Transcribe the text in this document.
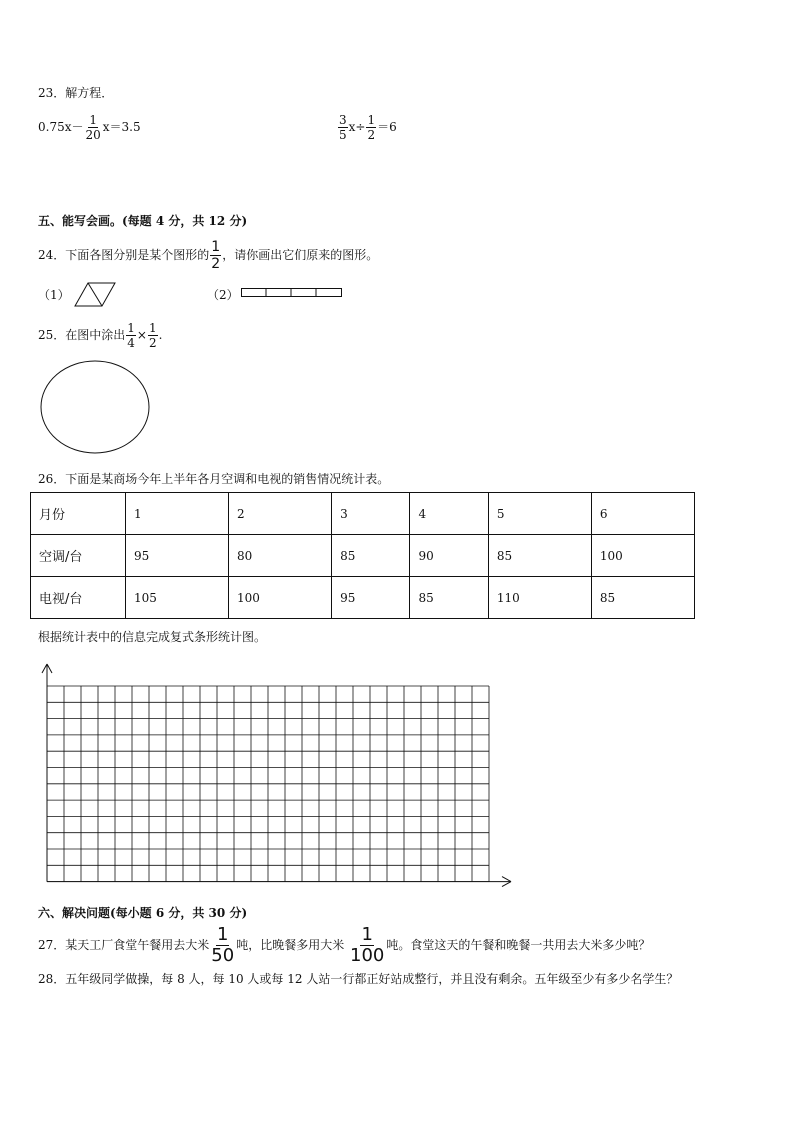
23．解方程．
$0.75x- \frac{1}{20} x=3.5$	$\frac{3}{5} x\div \frac{1}{2} =6$
五、能写会画。(每题 4 分，共 12 分)
24．下面各图分别是某个图形的 $\frac{1}{2}$ ，请你画出它们原来的图形。
（1）	（2）
25．在图中涂出 $\frac{1}{4} \times \frac{1}{2}$ .
26．下面是某商场今年上半年各月空调和电视的销售情况统计表。
月份	1	2	3	4	5	6
空调/台	95	80	85	90	85	100
电视/台	105	100	95	85	110	85
根据统计表中的信息完成复式条形统计图。
六、解决问题(每小题 6 分，共 30 分)
27．某天工厂食堂午餐用去大米 $\frac{1}{50}$ 吨，比晚餐多用大米 $\frac{1}{100}$ 吨。食堂这天的午餐和晚餐一共用去大米多少吨？
28．五年级同学做操，每 8 人，每 10 人或每 12 人站一行都正好站成整行，并且没有剩余。五年级至少有多少名学生？
